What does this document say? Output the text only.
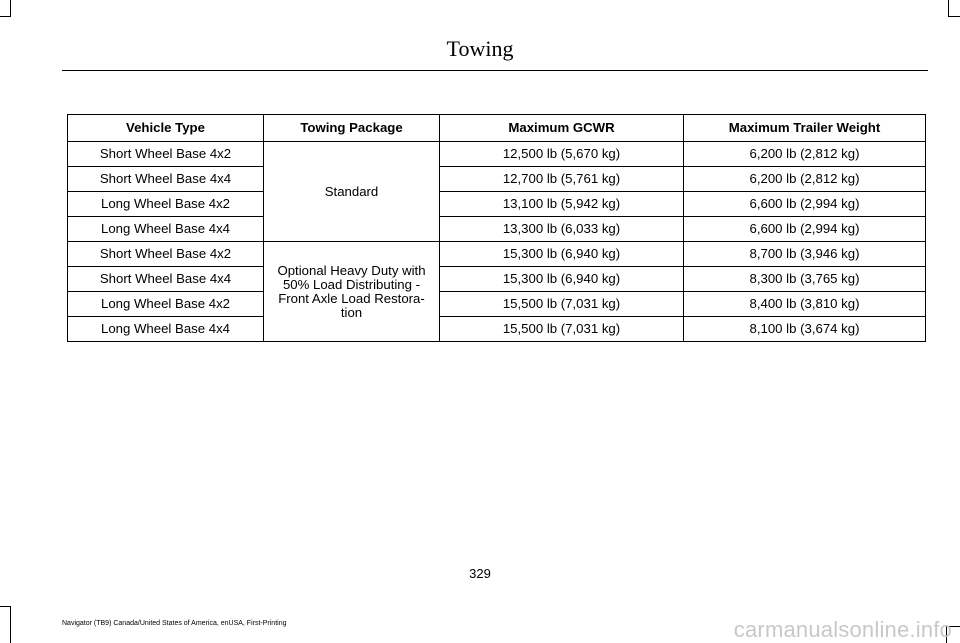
Towing
Vehicle Type	Towing Package	Maximum GCWR	Maximum Trailer Weight
Short Wheel Base 4x2	Standard	12,500 lb (5,670 kg)	6,200 lb (2,812 kg)
Short Wheel Base 4x4		12,700 lb (5,761 kg)	6,200 lb (2,812 kg)
Long Wheel Base 4x2		13,100 lb (5,942 kg)	6,600 lb (2,994 kg)
Long Wheel Base 4x4		13,300 lb (6,033 kg)	6,600 lb (2,994 kg)
Short Wheel Base 4x2	Optional Heavy Duty with 50% Load Distributing - Front Axle Load Restora- tion	15,300 lb (6,940 kg)	8,700 lb (3,946 kg)
Short Wheel Base 4x4		15,300 lb (6,940 kg)	8,300 lb (3,765 kg)
Long Wheel Base 4x2		15,500 lb (7,031 kg)	8,400 lb (3,810 kg)
Long Wheel Base 4x4		15,500 lb (7,031 kg)	8,100 lb (3,674 kg)
329
Navigator (TB9) Canada/United States of America, enUSA, First-Printing	carmanualsonline.info
